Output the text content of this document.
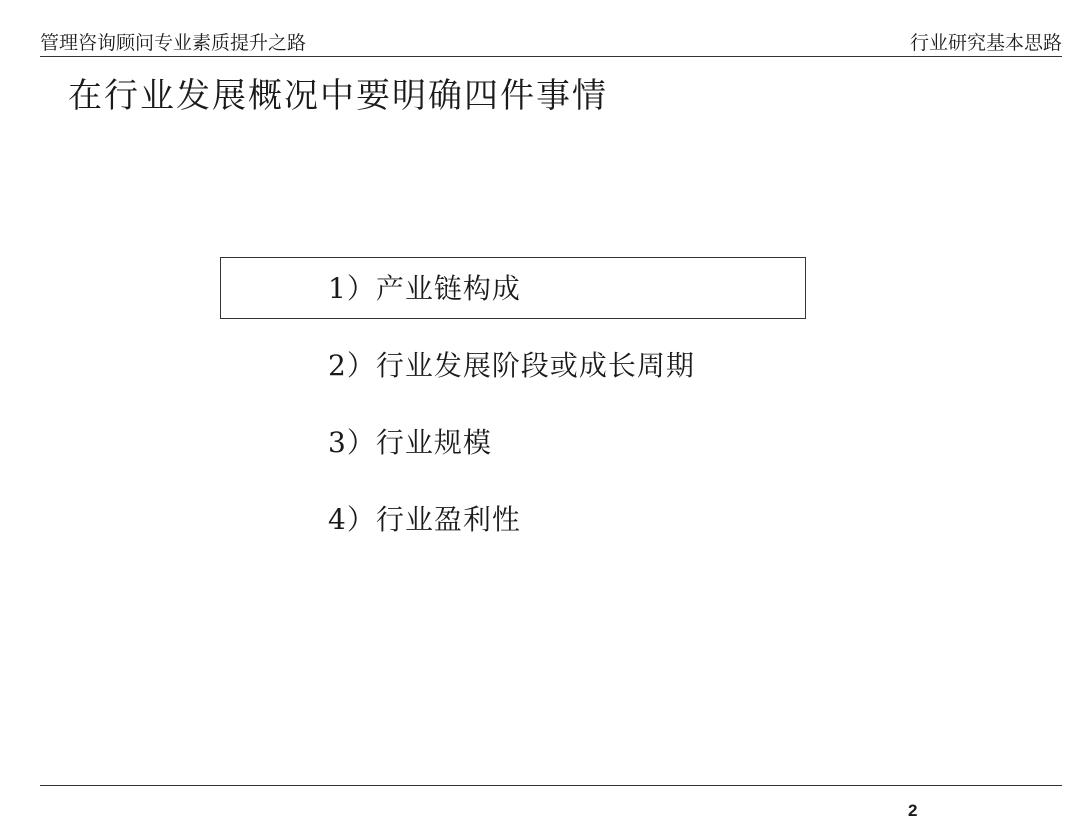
管理咨询顾问专业素质提升之路	行业研究基本思路
在行业发展概况中要明确四件事情
1）产业链构成
2）行业发展阶段或成长周期
3）行业规模
4）行业盈利性
2
